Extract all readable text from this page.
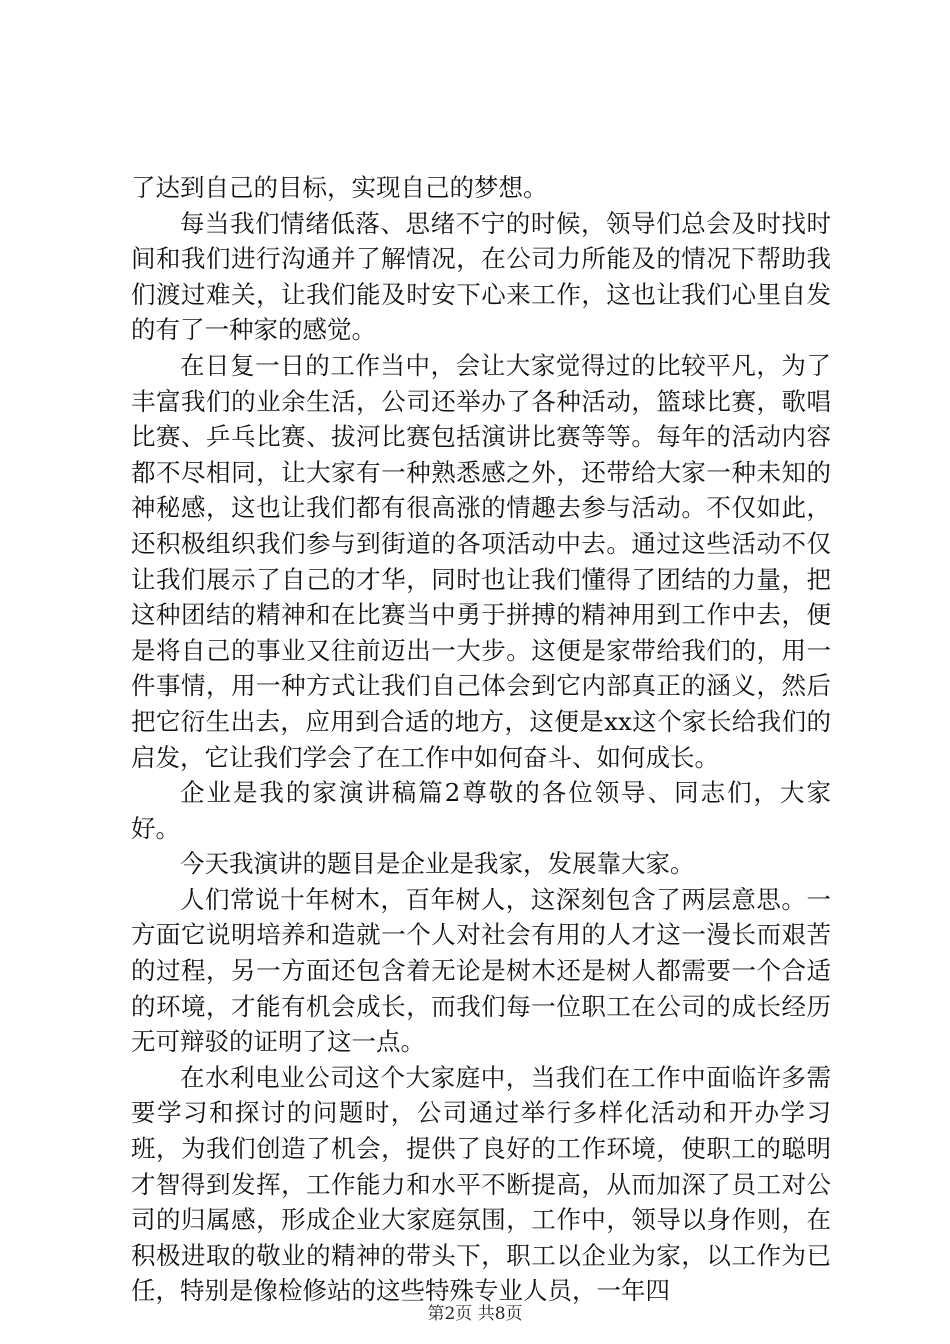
了达到自己的目标，实现自己的梦想。

每当我们情绪低落、思绪不宁的时候，领导们总会及时找时间和我们进行沟通并了解情况，在公司力所能及的情况下帮助我们渡过难关，让我们能及时安下心来工作，这也让我们心里自发的有了一种家的感觉。

在日复一日的工作当中，会让大家觉得过的比较平凡，为了丰富我们的业余生活，公司还举办了各种活动，篮球比赛，歌唱比赛、乒乓比赛、拔河比赛包括演讲比赛等等。每年的活动内容都不尽相同，让大家有一种熟悉感之外，还带给大家一种未知的神秘感，这也让我们都有很高涨的情趣去参与活动。不仅如此，还积极组织我们参与到街道的各项活动中去。通过这些活动不仅让我们展示了自己的才华，同时也让我们懂得了团结的力量，把这种团结的精神和在比赛当中勇于拼搏的精神用到工作中去，便是将自己的事业又往前迈出一大步。这便是家带给我们的，用一件事情，用一种方式让我们自己体会到它内部真正的涵义，然后把它衍生出去，应用到合适的地方，这便是xx这个家长给我们的启发，它让我们学会了在工作中如何奋斗、如何成长。

企业是我的家演讲稿篇2尊敬的各位领导、同志们，大家好。

今天我演讲的题目是企业是我家，发展靠大家。

人们常说十年树木，百年树人，这深刻包含了两层意思。一方面它说明培养和造就一个人对社会有用的人才这一漫长而艰苦的过程，另一方面还包含着无论是树木还是树人都需要一个合适的环境，才能有机会成长，而我们每一位职工在公司的成长经历无可辩驳的证明了这一点。

在水利电业公司这个大家庭中，当我们在工作中面临许多需要学习和探讨的问题时，公司通过举行多样化活动和开办学习班，为我们创造了机会，提供了良好的工作环境，使职工的聪明才智得到发挥，工作能力和水平不断提高，从而加深了员工对公司的归属感，形成企业大家庭氛围，工作中，领导以身作则，在积极进取的敬业的精神的带头下，职工以企业为家，以工作为已任，特别是像检修站的这些特殊专业人员，一年四

第2页 共8页
